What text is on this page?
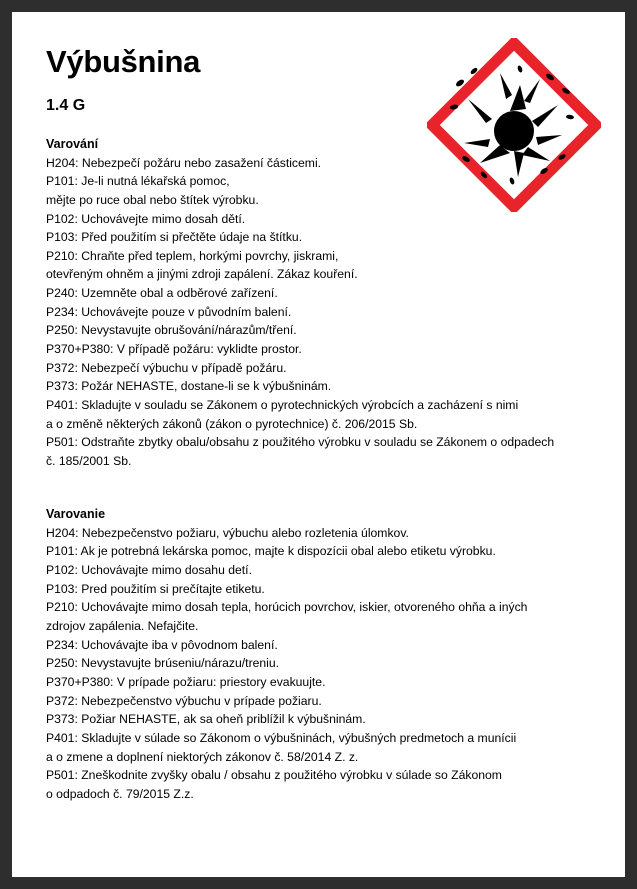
Výbušnina
1.4 G
Varování
H204: Nebezpečí požáru nebo zasažení částicemi.
P101: Je-li nutná lékařská pomoc,
mějte po ruce obal nebo štítek výrobku.
P102: Uchovávejte mimo dosah dětí.
P103: Před použitím si přečtěte údaje na štítku.
P210: Chraňte před teplem, horkými povrchy, jiskrami,
otevřeným ohněm a jinými zdroji zapálení. Zákaz kouření.
P240: Uzemněte obal a odběrové zařízení.
P234: Uchovávejte pouze v původním balení.
P250: Nevystavujte obrušování/nárazům/tření.
P370+P380: V případě požáru: vyklidte prostor.
P372: Nebezpečí výbuchu v případě požáru.
P373: Požár NEHASTE, dostane-li se k výbušninám.
P401: Skladujte v souladu se Zákonem o pyrotechnických výrobcích a zacházení s nimi
a o změně některých zákonů (zákon o pyrotechnice) č. 206/2015 Sb.
P501: Odstraňte zbytky obalu/obsahu z použitého výrobku v souladu se Zákonem o odpadech
č. 185/2001 Sb.
Varovanie
H204: Nebezpečenstvo požiaru, výbuchu alebo rozletenia úlomkov.
P101: Ak je potrebná lekárska pomoc, majte k dispozícii obal alebo etiketu výrobku.
P102: Uchovávajte mimo dosahu detí.
P103: Pred použitím si prečítajte etiketu.
P210: Uchovávajte mimo dosah tepla, horúcich povrchov, iskier, otvoreného ohňa a iných
zdrojov zapálenia. Nefajčite.
P234: Uchovávajte iba v pôvodnom balení.
P250: Nevystavujte brúseniu/nárazu/treniu.
P370+P380: V prípade požiaru: priestory evakuujte.
P372: Nebezpečenstvo výbuchu v prípade požiaru.
P373: Požiar NEHASTE, ak sa oheň priblížil k výbušninám.
P401: Skladujte v súlade so Zákonom o výbušninách, výbušných predmetoch a munícii
a o zmene a doplnení niektorých zákonov č. 58/2014 Z. z.
P501: Zneškodnite zvyšky obalu / obsahu z použitého výrobku v súlade so Zákonom
o odpadoch č. 79/2015 Z.z.
